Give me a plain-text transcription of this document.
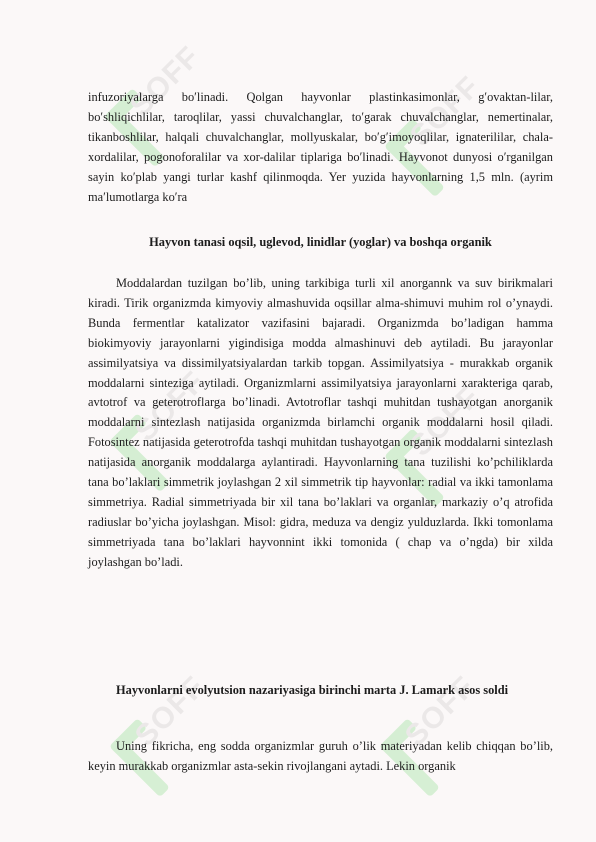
SOFF	SOFF
SOFF	SOFF
SOFF	SOFF

infuzoriyalarga bo′linadi. Qolgan hayvonlar plastinkasimonlar, g′ovaktan-lilar, bo′shliqichlilar, taroqlilar, yassi chuvalchanglar, to′garak chuvalchanglar, nemertinalar, tikanboshlilar, halqali chuvalchanglar, mollyuskalar, bo′g′imoyoqlilar, ignaterililar, chala-xordalilar, pogonoforalilar va xor-dalilar tiplariga bo′linadi. Hayvonot dunyosi o′rganilgan sayin ko′plab yangi turlar kashf qilinmoqda. Yer yuzida hayvonlarning 1,5 mln. (ayrim ma′lumotlarga ko′ra

Hayvon tanasi oqsil, uglevod, linidlar (yoglar) va boshqa organik

Moddalardan tuzilgan bo’lib, uning tarkibiga turli xil anorgannk va suv birikmalari kiradi. Tirik organizmda kimyoviy almashuvida oqsillar alma-shimuvi muhim rol o’ynaydi. Bunda fermentlar katalizator vazifasini bajaradi. Organizmda bo’ladigan hamma biokimyoviy jarayonlarni yigindisiga modda almashinuvi deb aytiladi. Bu jarayonlar assimilyatsiya va dissimilyatsiyalardan tarkib topgan. Assimilyatsiya - murakkab organik moddalarni sinteziga aytiladi. Organizmlarni assimilyatsiya jarayonlarni xarakteriga qarab, avtotrof va geterotroflarga bo’linadi. Avtotroflar tashqi muhitdan tushayotgan anorganik moddalarni sintezlash natijasida organizmda birlamchi organik moddalarni hosil qiladi. Fotosintez natijasida geterotrofda tashqi muhitdan tushayotgan organik moddalarni sintezlash natijasida anorganik moddalarga aylantiradi. Hayvonlarning tana tuzilishi ko’pchiliklarda tana bo’laklari simmetrik joylashgan 2 xil simmetrik tip hayvonlar: radial va ikki tamonlama simmetriya. Radial simmetriyada bir xil tana bo’laklari va organlar, markaziy o’q atrofida radiuslar bo’yicha joylashgan. Misol: gidra, meduza va dengiz yulduzlarda. Ikki tomonlama simmetriyada tana bo’laklari hayvonnint ikki tomonida ( chap va o’ngda) bir xilda joylashgan bo’ladi.

Hayvonlarni evolyutsion nazariyasiga birinchi marta J. Lamark asos soldi

Uning fikricha, eng sodda organizmlar guruh o’lik materiyadan kelib chiqqan bo’lib, keyin murakkab organizmlar asta-sekin rivojlangani aytadi. Lekin organik
